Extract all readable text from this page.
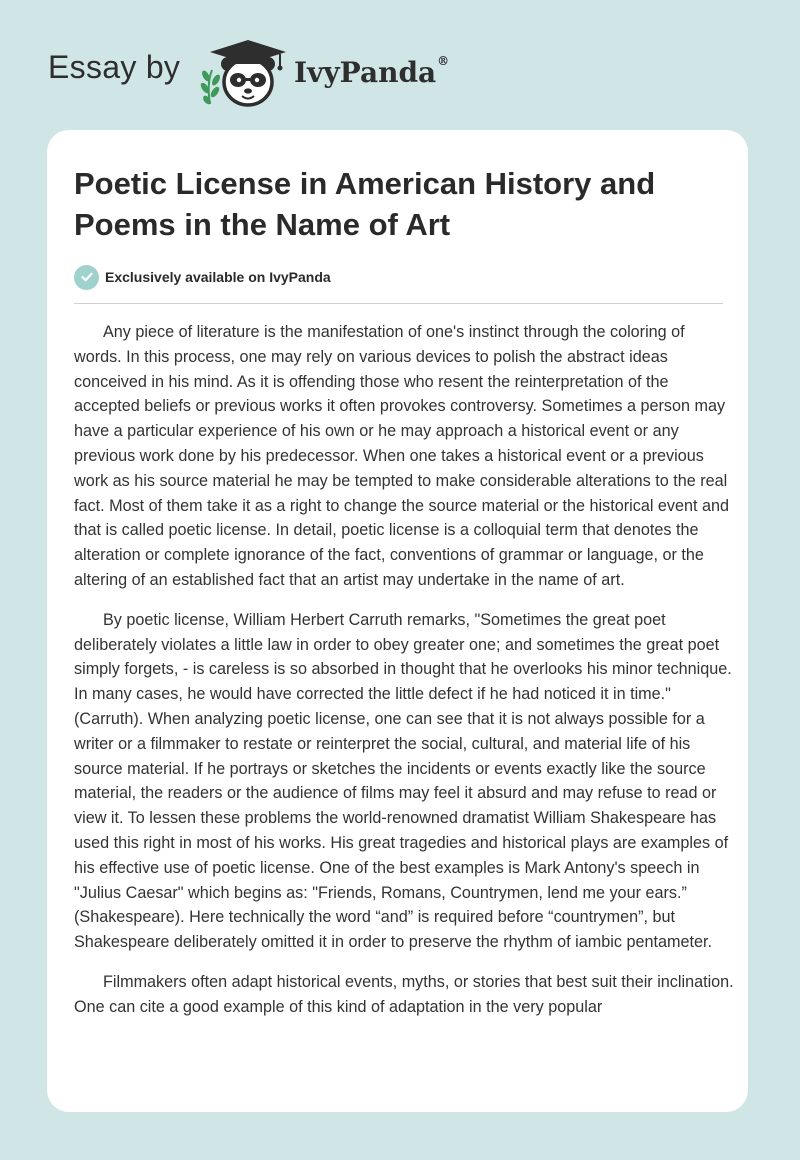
Essay by	IvyPanda®
Poetic License in American History and Poems in the Name of Art
Exclusively available on IvyPanda

Any piece of literature is the manifestation of one's instinct through the coloring of words. In this process, one may rely on various devices to polish the abstract ideas conceived in his mind. As it is offending those who resent the reinterpretation of the accepted beliefs or previous works it often provokes controversy. Sometimes a person may have a particular experience of his own or he may approach a historical event or any previous work done by his predecessor. When one takes a historical event or a previous work as his source material he may be tempted to make considerable alterations to the real fact. Most of them take it as a right to change the source material or the historical event and that is called poetic license. In detail, poetic license is a colloquial term that denotes the alteration or complete ignorance of the fact, conventions of grammar or language, or the altering of an established fact that an artist may undertake in the name of art.

By poetic license, William Herbert Carruth remarks, "Sometimes the great poet deliberately violates a little law in order to obey greater one; and sometimes the great poet simply forgets, - is careless is so absorbed in thought that he overlooks his minor technique. In many cases, he would have corrected the little defect if he had noticed it in time." (Carruth). When analyzing poetic license, one can see that it is not always possible for a writer or a filmmaker to restate or reinterpret the social, cultural, and material life of his source material. If he portrays or sketches the incidents or events exactly like the source material, the readers or the audience of films may feel it absurd and may refuse to read or view it. To lessen these problems the world-renowned dramatist William Shakespeare has used this right in most of his works. His great tragedies and historical plays are examples of his effective use of poetic license. One of the best examples is Mark Antony's speech in "Julius Caesar" which begins as: "Friends, Romans, Countrymen, lend me your ears.” (Shakespeare). Here technically the word “and” is required before “countrymen”, but Shakespeare deliberately omitted it in order to preserve the rhythm of iambic pentameter.

Filmmakers often adapt historical events, myths, or stories that best suit their inclination. One can cite a good example of this kind of adaptation in the very popular
